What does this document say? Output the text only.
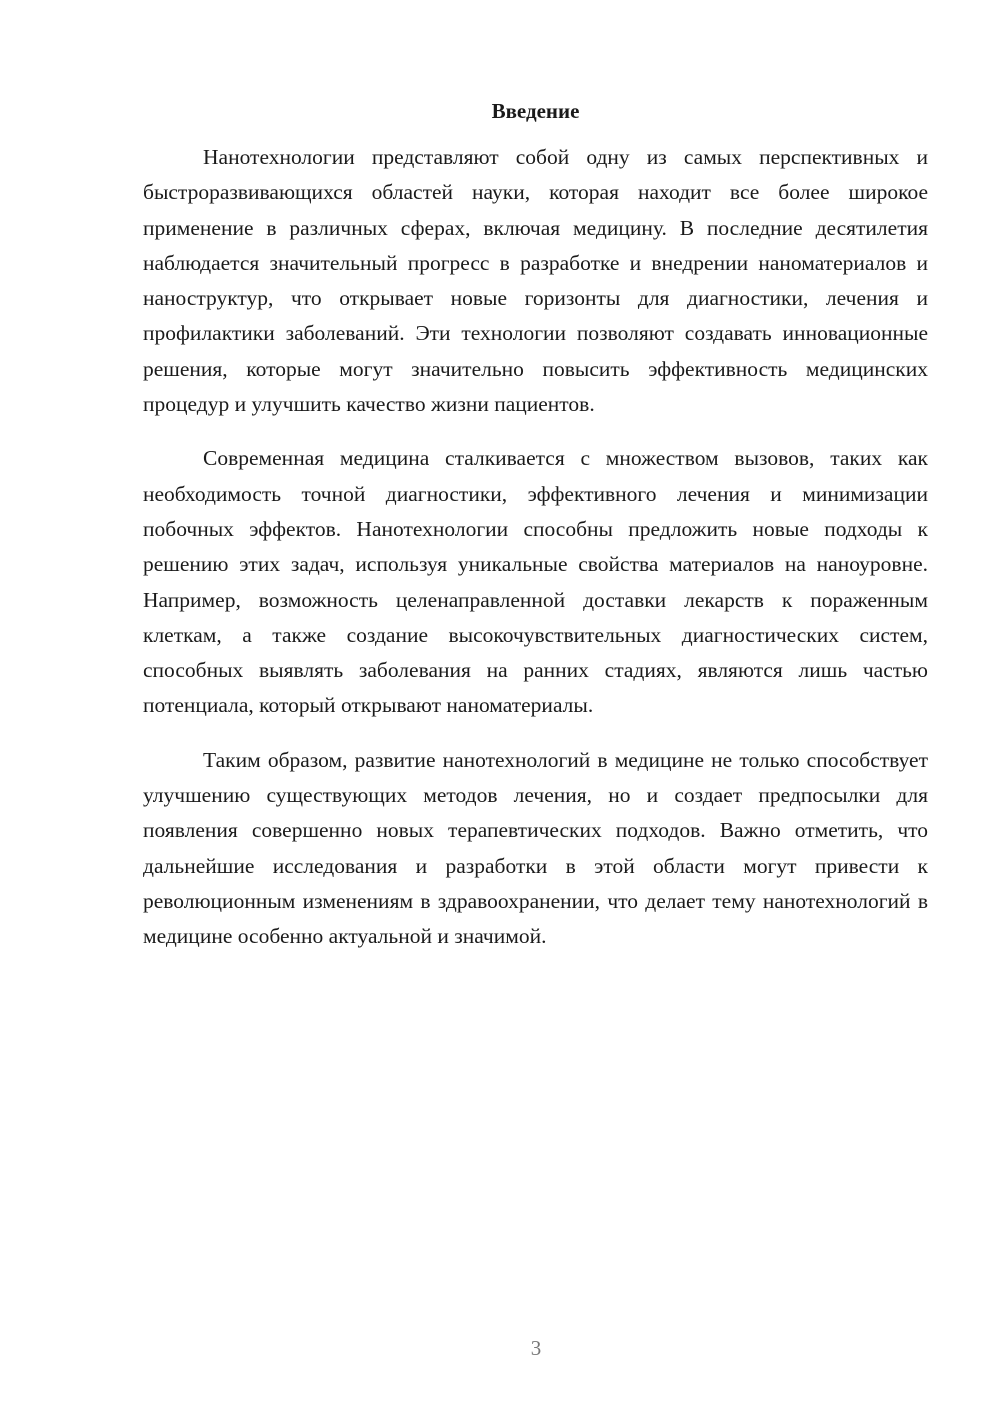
Введение

Нанотехнологии представляют собой одну из самых перспективных и быстроразвивающихся областей науки, которая находит все более широкое применение в различных сферах, включая медицину. В последние десятилетия наблюдается значительный прогресс в разработке и внедрении наноматериалов и наноструктур, что открывает новые горизонты для диагностики, лечения и профилактики заболеваний. Эти технологии позволяют создавать инновационные решения, которые могут значительно повысить эффективность медицинских процедур и улучшить качество жизни пациентов.

Современная медицина сталкивается с множеством вызовов, таких как необходимость точной диагностики, эффективного лечения и минимизации побочных эффектов. Нанотехнологии способны предложить новые подходы к решению этих задач, используя уникальные свойства материалов на наноуровне. Например, возможность целенаправленной доставки лекарств к пораженным клеткам, а также создание высокочувствительных диагностических систем, способных выявлять заболевания на ранних стадиях, являются лишь частью потенциала, который открывают наноматериалы.

Таким образом, развитие нанотехнологий в медицине не только способствует улучшению существующих методов лечения, но и создает предпосылки для появления совершенно новых терапевтических подходов. Важно отметить, что дальнейшие исследования и разработки в этой области могут привести к революционным изменениям в здравоохранении, что делает тему нанотехнологий в медицине особенно актуальной и значимой.

3
